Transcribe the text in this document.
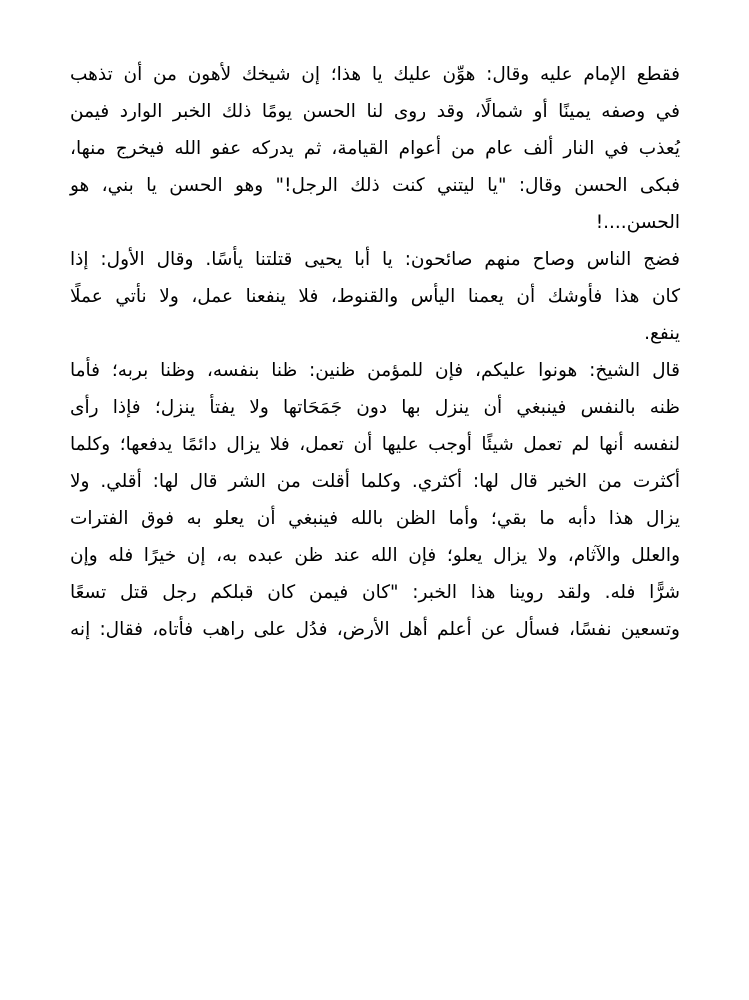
فقطع الإمام عليه وقال: هوِّن عليك يا هذا؛ إن شيخك لأهون من أن تذهب
في وصفه يمينًا أو شمالًا، وقد روى لنا الحسن يومًا ذلك الخبر الوارد فيمن
يُعذب في النار ألف عام من أعوام القيامة، ثم يدركه عفو الله فيخرج منها،
فبكى الحسن وقال: "يا ليتني كنت ذلك الرجل!" وهو الحسن يا بني، هو
الحسن....!
فضج الناس وصاح منهم صائحون: يا أبا يحيى قتلتنا يأسًا. وقال الأول: إذا
كان هذا فأوشك أن يعمنا اليأس والقنوط، فلا ينفعنا عمل، ولا نأتي عملًا
ينفع.
قال الشيخ: هونوا عليكم، فإن للمؤمن ظنين: ظنا بنفسه، وظنا بربه؛ فأما
ظنه بالنفس فينبغي أن ينزل بها دون جَمَحَاتها ولا يفتأ ينزل؛ فإذا رأى
لنفسه أنها لم تعمل شيئًا أوجب عليها أن تعمل، فلا يزال دائمًا يدفعها؛ وكلما
أكثرت من الخير قال لها: أكثري. وكلما أقلت من الشر قال لها: أقلي. ولا
يزال هذا دأبه ما بقي؛ وأما الظن بالله فينبغي أن يعلو به فوق الفترات
والعلل والآثام، ولا يزال يعلو؛ فإن الله عند ظن عبده به، إن خيرًا فله وإن
شرًّا فله. ولقد روينا هذا الخبر: "كان فيمن كان قبلكم رجل قتل تسعًا
وتسعين نفسًا، فسأل عن أعلم أهل الأرض، فدُل على راهب فأتاه، فقال: إنه
